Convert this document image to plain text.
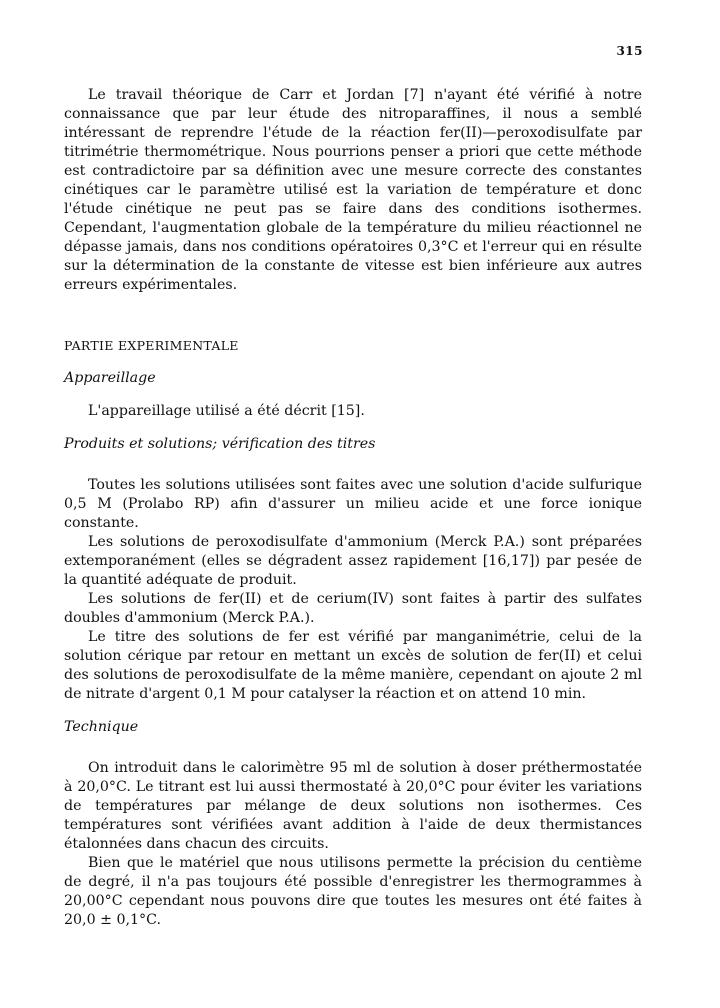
315

Le travail théorique de Carr et Jordan [7] n'ayant été vérifié à notre connaissance que par leur étude des nitroparaffines, il nous a semblé intéressant de reprendre l'étude de la réaction fer(II)—peroxodisulfate par titrimétrie thermométrique. Nous pourrions penser a priori que cette méthode est contradictoire par sa définition avec une mesure correcte des constantes cinétiques car le paramètre utilisé est la variation de température et donc l'étude cinétique ne peut pas se faire dans des conditions isothermes. Cependant, l'augmentation globale de la température du milieu réactionnel ne dépasse jamais, dans nos conditions opératoires 0,3°C et l'erreur qui en résulte sur la détermination de la constante de vitesse est bien inférieure aux autres erreurs expérimentales.

PARTIE EXPERIMENTALE

Appareillage

L'appareillage utilisé a été décrit [15].

Produits et solutions; vérification des titres

Toutes les solutions utilisées sont faites avec une solution d'acide sulfurique 0,5 M (Prolabo RP) afin d'assurer un milieu acide et une force ionique constante.

Les solutions de peroxodisulfate d'ammonium (Merck P.A.) sont préparées extemporanément (elles se dégradent assez rapidement [16,17]) par pesée de la quantité adéquate de produit.

Les solutions de fer(II) et de cerium(IV) sont faites à partir des sulfates doubles d'ammonium (Merck P.A.).

Le titre des solutions de fer est vérifié par manganimétrie, celui de la solution cérique par retour en mettant un excès de solution de fer(II) et celui des solutions de peroxodisulfate de la même manière, cependant on ajoute 2 ml de nitrate d'argent 0,1 M pour catalyser la réaction et on attend 10 min.

Technique

On introduit dans le calorimètre 95 ml de solution à doser préthermostatée à 20,0°C. Le titrant est lui aussi thermostaté à 20,0°C pour éviter les variations de températures par mélange de deux solutions non isothermes. Ces températures sont vérifiées avant addition à l'aide de deux thermistances étalonnées dans chacun des circuits.

Bien que le matériel que nous utilisons permette la précision du centième de degré, il n'a pas toujours été possible d'enregistrer les thermogrammes à 20,00°C cependant nous pouvons dire que toutes les mesures ont été faites à 20,0 ± 0,1°C.
